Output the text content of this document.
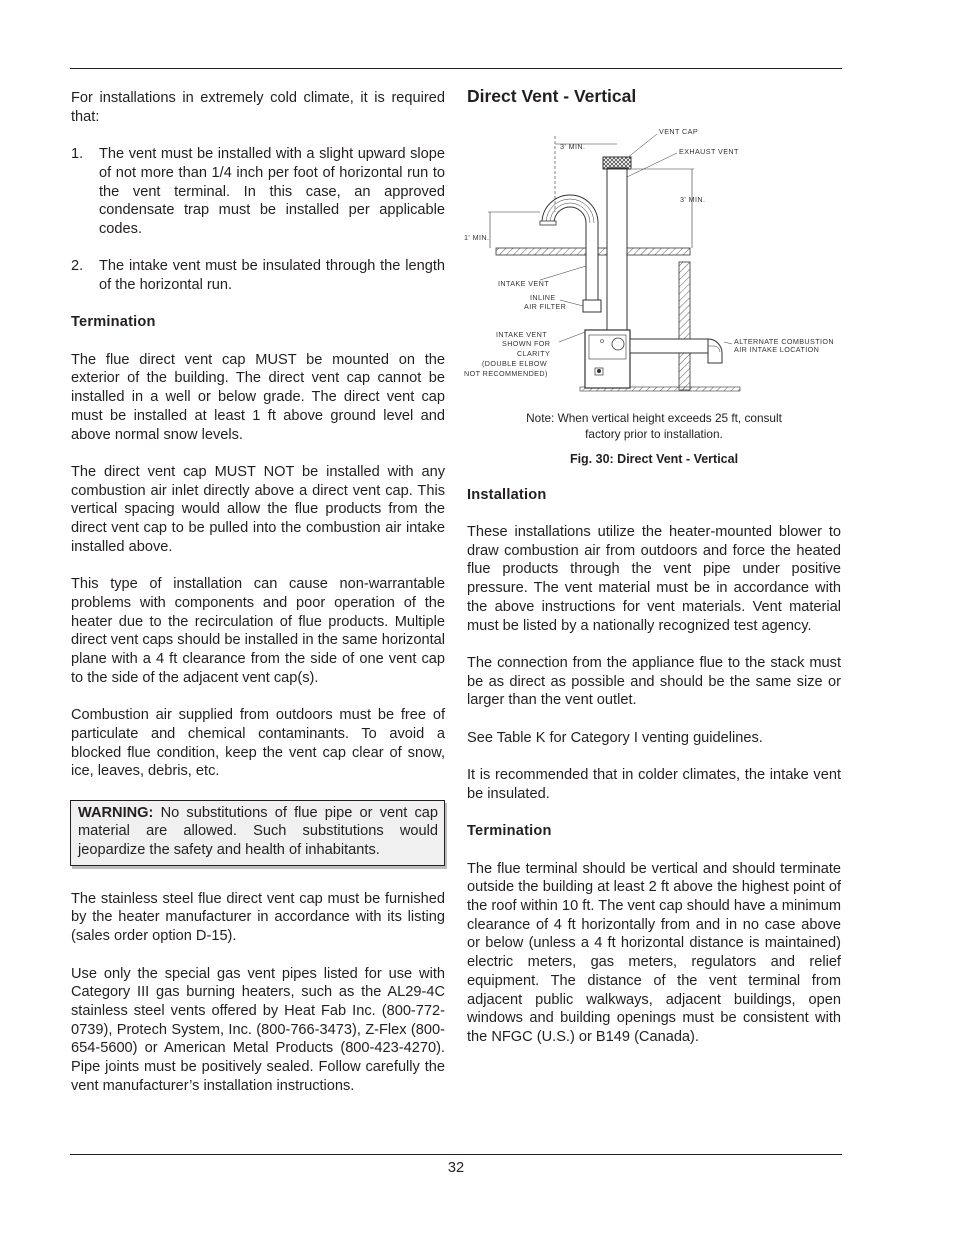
For installations in extremely cold climate, it is required that:

1.	The vent must be installed with a slight upward slope of not more than 1/4 inch per foot of horizontal run to the vent terminal. In this case, an approved condensate trap must be installed per applicable codes.
2.	The intake vent must be insulated through the length of the horizontal run.

Termination

The flue direct vent cap MUST be mounted on the exterior of the building. The direct vent cap cannot be installed in a well or below grade. The direct vent cap must be installed at least 1 ft above ground level and above normal snow levels.

The direct vent cap MUST NOT be installed with any combustion air inlet directly above a direct vent cap. This vertical spacing would allow the flue products from the direct vent cap to be pulled into the combustion air intake installed above.

This type of installation can cause non-warrantable problems with components and poor operation of the heater due to the recirculation of flue products. Multiple direct vent caps should be installed in the same horizontal plane with a 4 ft clearance from the side of one vent cap to the side of the adjacent vent cap(s).

Combustion air supplied from outdoors must be free of particulate and chemical contaminants. To avoid a blocked flue condition, keep the vent cap clear of snow, ice, leaves, debris, etc.

WARNING: No substitutions of flue pipe or vent cap material are allowed. Such substitutions would jeopardize the safety and health of inhabitants.

The stainless steel flue direct vent cap must be furnished by the heater manufacturer in accordance with its listing (sales order option D-15).

Use only the special gas vent pipes listed for use with Category III gas burning heaters, such as the AL29-4C stainless steel vents offered by Heat Fab Inc. (800-772-0739), Protech System, Inc. (800-766-3473), Z-Flex (800-654-5600) or American Metal Products (800-423-4270). Pipe joints must be positively sealed. Follow carefully the vent manufacturer’s installation instructions.

Direct Vent - Vertical
VENT CAP
EXHAUST VENT
3' MIN.
3' MIN.
1' MIN.
INTAKE VENT
INLINE
AIR FILTER
INTAKE VENT
SHOWN FOR
CLARITY
(DOUBLE ELBOW
NOT RECOMMENDED)
ALTERNATE COMBUSTION
AIR INTAKE LOCATION
Note: When vertical height exceeds 25 ft, consult
factory prior to installation.
Fig. 30: Direct Vent - Vertical
Installation

These installations utilize the heater-mounted blower to draw combustion air from outdoors and force the heated flue products through the vent pipe under positive pressure. The vent material must be in accordance with the above instructions for vent materials. Vent material must be listed by a nationally recognized test agency.

The connection from the appliance flue to the stack must be as direct as possible and should be the same size or larger than the vent outlet.

See Table K for Category I venting guidelines.

It is recommended that in colder climates, the intake vent be insulated.

Termination

The flue terminal should be vertical and should terminate outside the building at least 2 ft above the highest point of the roof within 10 ft. The vent cap should have a minimum clearance of 4 ft horizontally from and in no case above or below (unless a 4 ft horizontal distance is maintained) electric meters, gas meters, regulators and relief equipment. The distance of the vent terminal from adjacent public walkways, adjacent buildings, open windows and building openings must be consistent with the NFGC (U.S.) or B149 (Canada).

32
